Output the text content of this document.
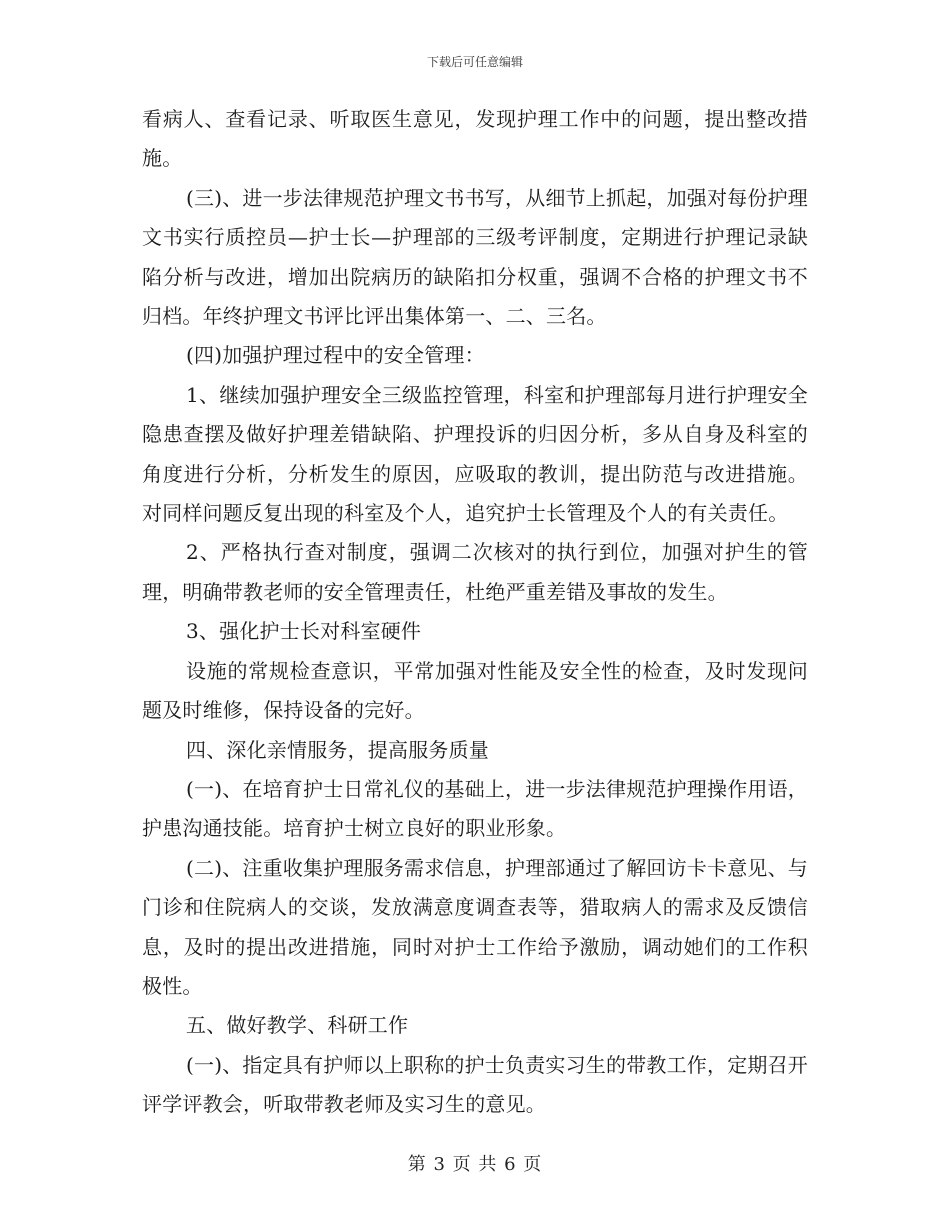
下载后可任意编辑

看病人、查看记录、听取医生意见，发现护理工作中的问题，提出整改措施。

(三)、进一步法律规范护理文书书写，从细节上抓起，加强对每份护理文书实行质控员—护士长—护理部的三级考评制度，定期进行护理记录缺陷分析与改进，增加出院病历的缺陷扣分权重，强调不合格的护理文书不归档。年终护理文书评比评出集体第一、二、三名。

(四)加强护理过程中的安全管理：

1、继续加强护理安全三级监控管理，科室和护理部每月进行护理安全隐患查摆及做好护理差错缺陷、护理投诉的归因分析，多从自身及科室的角度进行分析，分析发生的原因，应吸取的教训，提出防范与改进措施。对同样问题反复出现的科室及个人，追究护士长管理及个人的有关责任。

2、严格执行查对制度，强调二次核对的执行到位，加强对护生的管理，明确带教老师的安全管理责任，杜绝严重差错及事故的发生。

3、强化护士长对科室硬件

设施的常规检查意识，平常加强对性能及安全性的检查，及时发现问题及时维修，保持设备的完好。

四、深化亲情服务，提高服务质量

(一)、在培育护士日常礼仪的基础上，进一步法律规范护理操作用语，护患沟通技能。培育护士树立良好的职业形象。

(二)、注重收集护理服务需求信息，护理部通过了解回访卡卡意见、与门诊和住院病人的交谈，发放满意度调查表等，猎取病人的需求及反馈信息，及时的提出改进措施，同时对护士工作给予激励，调动她们的工作积极性。

五、做好教学、科研工作

(一)、指定具有护师以上职称的护士负责实习生的带教工作，定期召开评学评教会，听取带教老师及实习生的意见。

第 3 页 共 6 页
